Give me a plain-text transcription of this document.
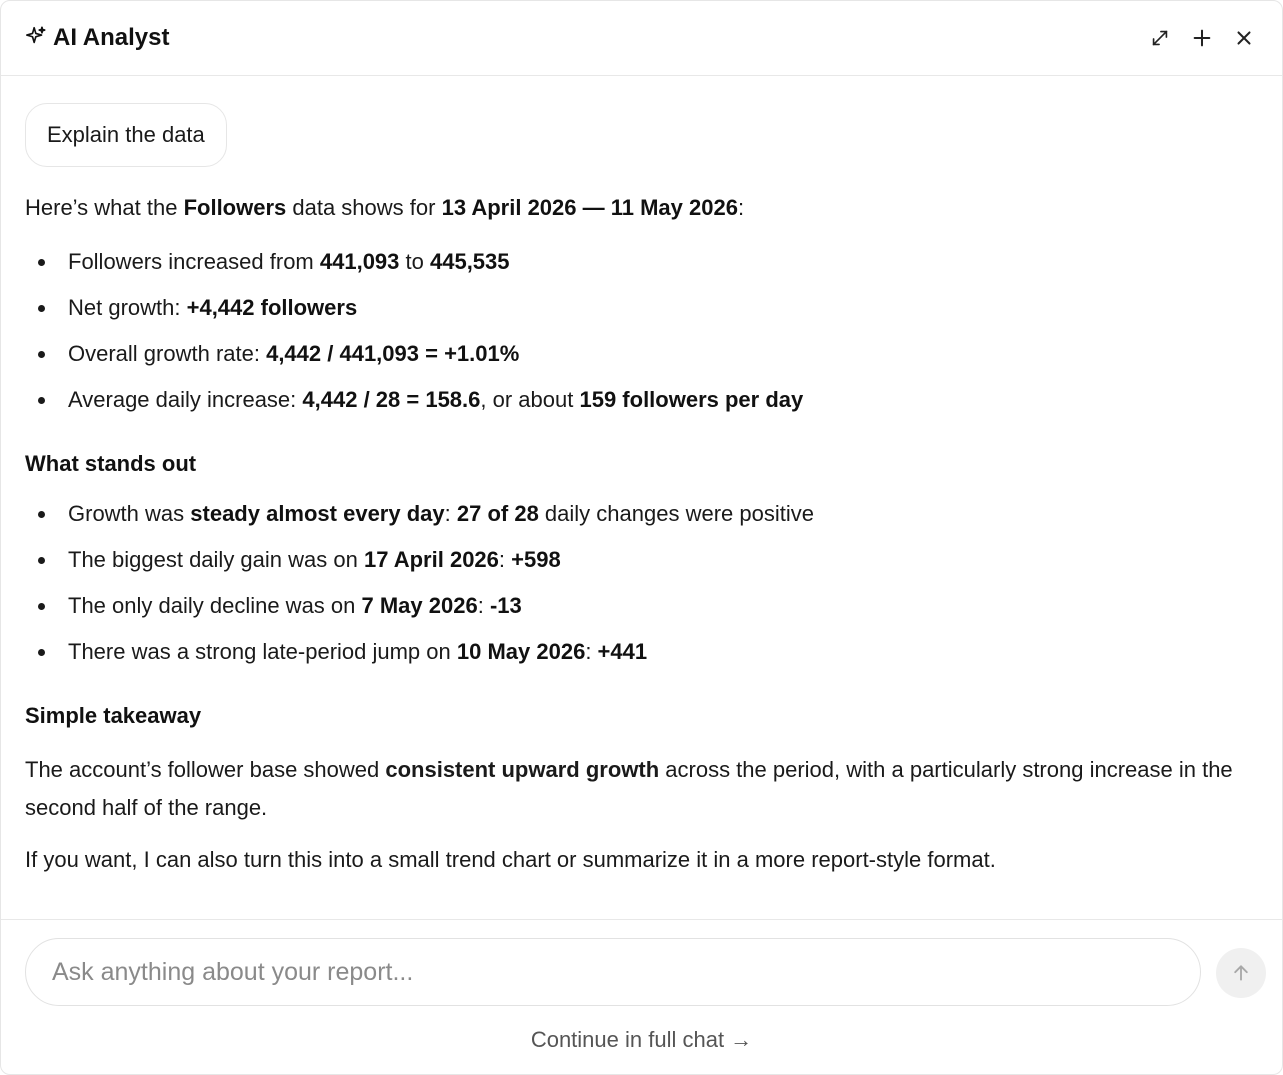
AI Analyst
Explain the data

Here’s what the Followers data shows for 13 April 2026 — 11 May 2026:

Followers increased from 441,093 to 445,535
Net growth: +4,442 followers
Overall growth rate: 4,442 / 441,093 = +1.01%
Average daily increase: 4,442 / 28 = 158.6, or about 159 followers per day

What stands out

Growth was steady almost every day: 27 of 28 daily changes were positive
The biggest daily gain was on 17 April 2026: +598
The only daily decline was on 7 May 2026: -13
There was a strong late-period jump on 10 May 2026: +441

Simple takeaway

The account’s follower base showed consistent upward growth across the period, with a particularly strong increase in the second half of the range.

If you want, I can also turn this into a small trend chart or summarize it in a more report-style format.

Ask anything about your report...
Continue in full chat →
